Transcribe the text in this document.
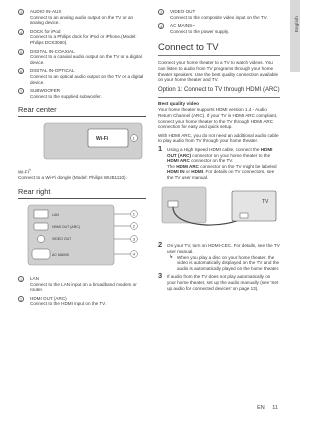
English
3	AUDIO IN-AUX
Connect to an analog audio output on the TV or an analog device.
4	DOCK for iPod
Connect to a Philips dock for iPod or iPhone.(Model: Philips DCK3060).
5	DIGITAL IN-COAXIAL
Connect to a coaxial audio output on the TV or a digital device.
6	DIGITAL IN-OPTICAL
Connect to an optical audio output on the TV or a digital device.
7	SUBWOOFER
Connect to the supplied subwoofer.
Rear center
Wi-Fi	1
Wi-Fi®
Connect to a Wi-Fi dongle (Model: Philips WUB1110).
Rear right
LAN
HDMI OUT (ARC)
VIDEO OUT
AC MAINS
1
2
3
4
1	LAN
Connect to the LAN input on a broadband modem or router.
2	HDMI OUT (ARC)
Connect to the HDMI input on the TV.
3	VIDEO OUT
Connect to the composite video input on the TV.
4	AC MAINS~
Connect to the power supply.
Connect to TV
Connect your home theater to a TV to watch videos. You can listen to audio from TV programs through your home theater speakers. Use the best quality connection available on your home theater and TV.
Option 1: Connect to TV through HDMI (ARC)
Best quality video
Your home theater supports HDMI version 1.4 - Audio Return Channel (ARC). If your TV is HDMI ARC compliant, connect your home theater to the TV through HDMI ARC connection for easy and quick setup.
With HDMI ARC, you do not need an additional audio cable to play audio from TV through your home theater.
1 Using a High Speed HDMI cable, connect the HDMI OUT (ARC) connector on your home theater to the HDMI ARC connector on the TV.
The HDMI ARC connector on the TV might be labeled HDMI IN or HDMI. For details on TV connectors, see the TV user manual.
TV
2 On your TV, turn on HDMI-CEC. For details, see the TV user manual.
↳ When you play a disc on your home theater, the video is automatically displayed on the TV and the audio is automatically played on the home theater.
3 If audio from the TV does not play automatically on your home theater, set up the audio manually (see 'Set up audio for connected devices' on page 13).
EN 11
